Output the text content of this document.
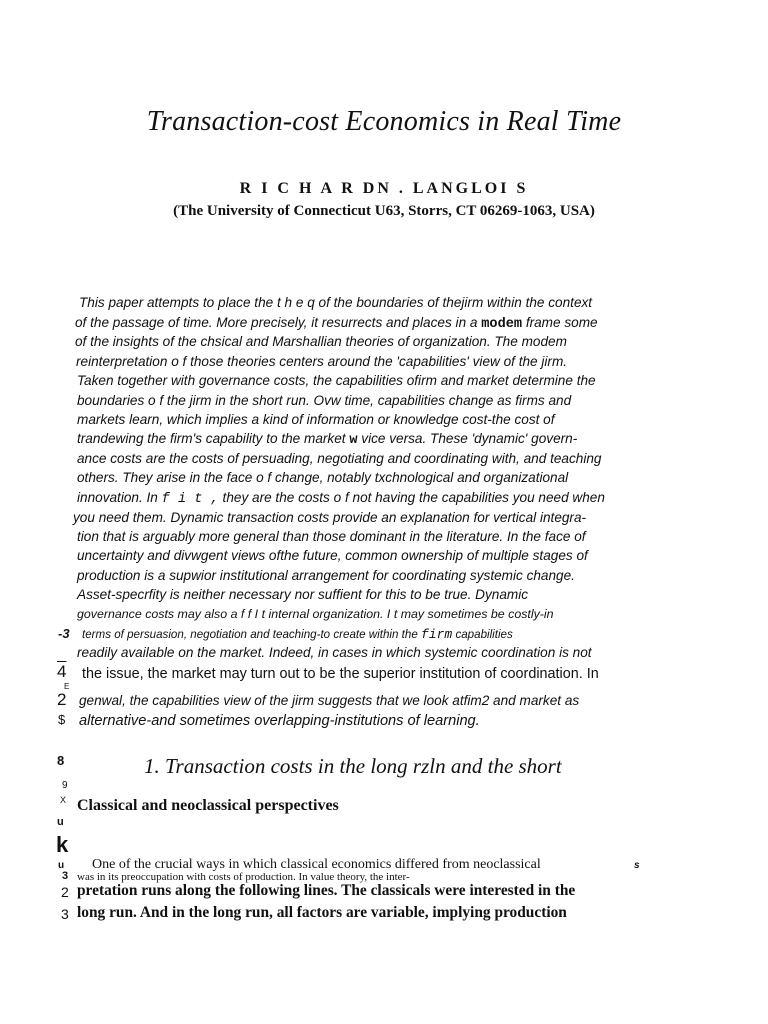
Transaction-cost Economics in Real Time
R I C H A R DN . LANGLOI S
(The University of Connecticut U63, Storrs, CT 06269-1063, USA)

This paper attempts to place the t h e q of the boundaries of thejirm within the context

of the passage of time. More precisely, it resurrects and places in a modem frame some

of the insights of the chsical and Marshallian theories of organization. The modem

reinterpretation o f those theories centers around the 'capabilities' view of the jirm.

Taken together with governance costs, the capabilities ofirm and market determine the

boundaries o f the jirm in the short run. Ovw time, capabilities change as firms and

markets learn, which implies a kind of information or knowledge cost-the cost of

trandewing the firm's capability to the market w vice versa. These 'dynamic' govern-

ance costs are the costs of persuading, negotiating and coordinating with, and teaching

others. They arise in the face o f change, notably txchnological and organizational

innovation. In f i t , they are the costs o f not having the capabilities you need when

you need them. Dynamic transaction costs provide an explanation for vertical integra-

tion that is arguably more general than those dominant in the literature. In the face of

uncertainty and divwgent views ofthe future, common ownership of multiple stages of

production is a supwior institutional arrangement for coordinating systemic change.

Asset-specrfity is neither necessary nor suffient for this to be true. Dynamic

governance costs may also a f f I t internal organization. I t may sometimes be costly-in

terms of persuasion, negotiation and teaching-to create within the firm capabilities

readily available on the market. Indeed, in cases in which systemic coordination is not

the issue, the market may turn out to be the superior institution of coordination. In

genwal, the capabilities view of the jirm suggests that we look atfim2 and market as

alternative-and sometimes overlapping-institutions of learning.

1. Transaction costs in the long rzln and the short
Classical and neoclassical perspectives

One of the crucial ways in which classical economics differed from neoclassical

was in its preoccupation with costs of production. In value theory, the inter-

pretation runs along the following lines. The classicals were interested in the

long run. And in the long run, all factors are variable, implying production

-3
4
E
2
$
8
9
X
u
k
u
3
2
3
s
